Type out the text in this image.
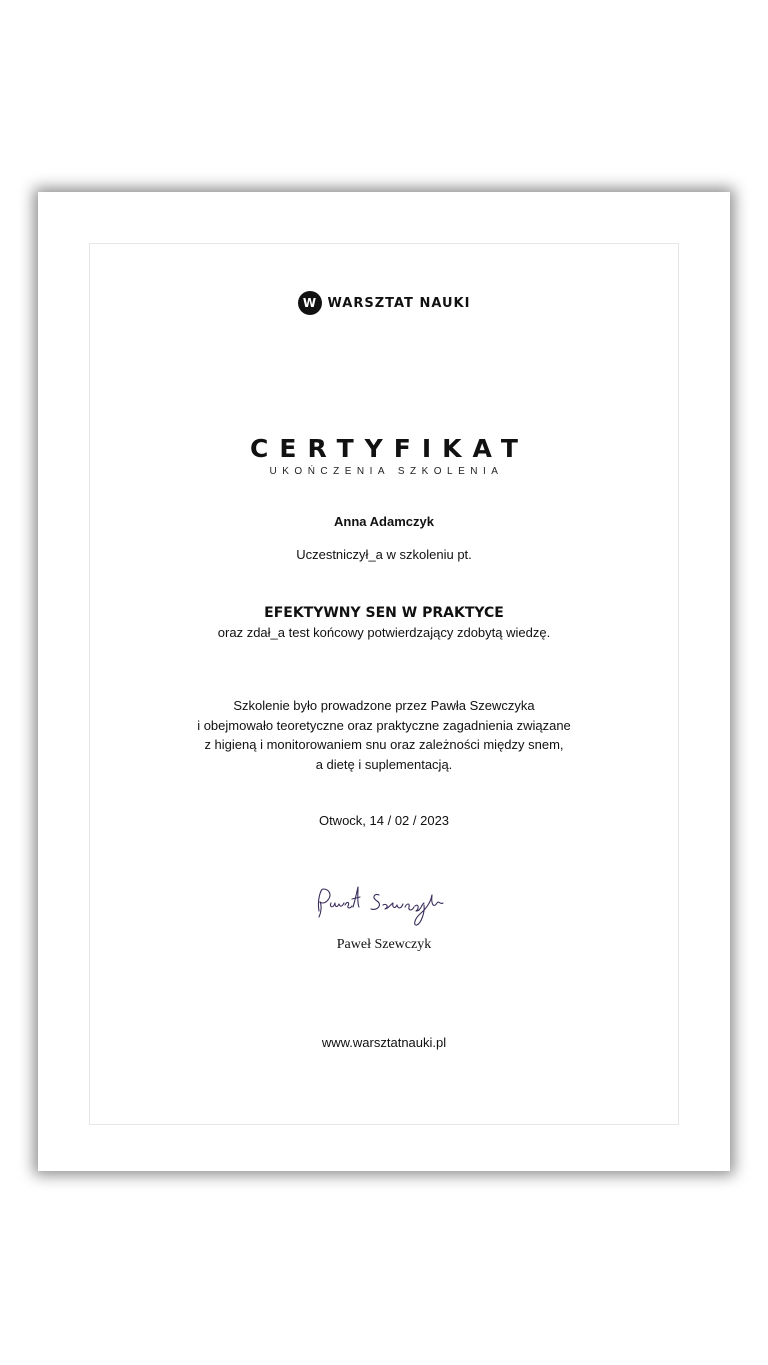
W WARSZTAT NAUKI
CERTYFIKAT
UKOŃCZENIA SZKOLENIA
Anna Adamczyk
Uczestniczył_a w szkoleniu pt.
EFEKTYWNY SEN W PRAKTYCE
oraz zdał_a test końcowy potwierdzający zdobytą wiedzę.
Szkolenie było prowadzone przez Pawła Szewczyka
i obejmowało teoretyczne oraz praktyczne zagadnienia związane
z higieną i monitorowaniem snu oraz zależności między snem,
a dietę i suplementacją.
Otwock, 14 / 02 / 2023
Paweł Szewczyk
www.warsztatnauki.pl
